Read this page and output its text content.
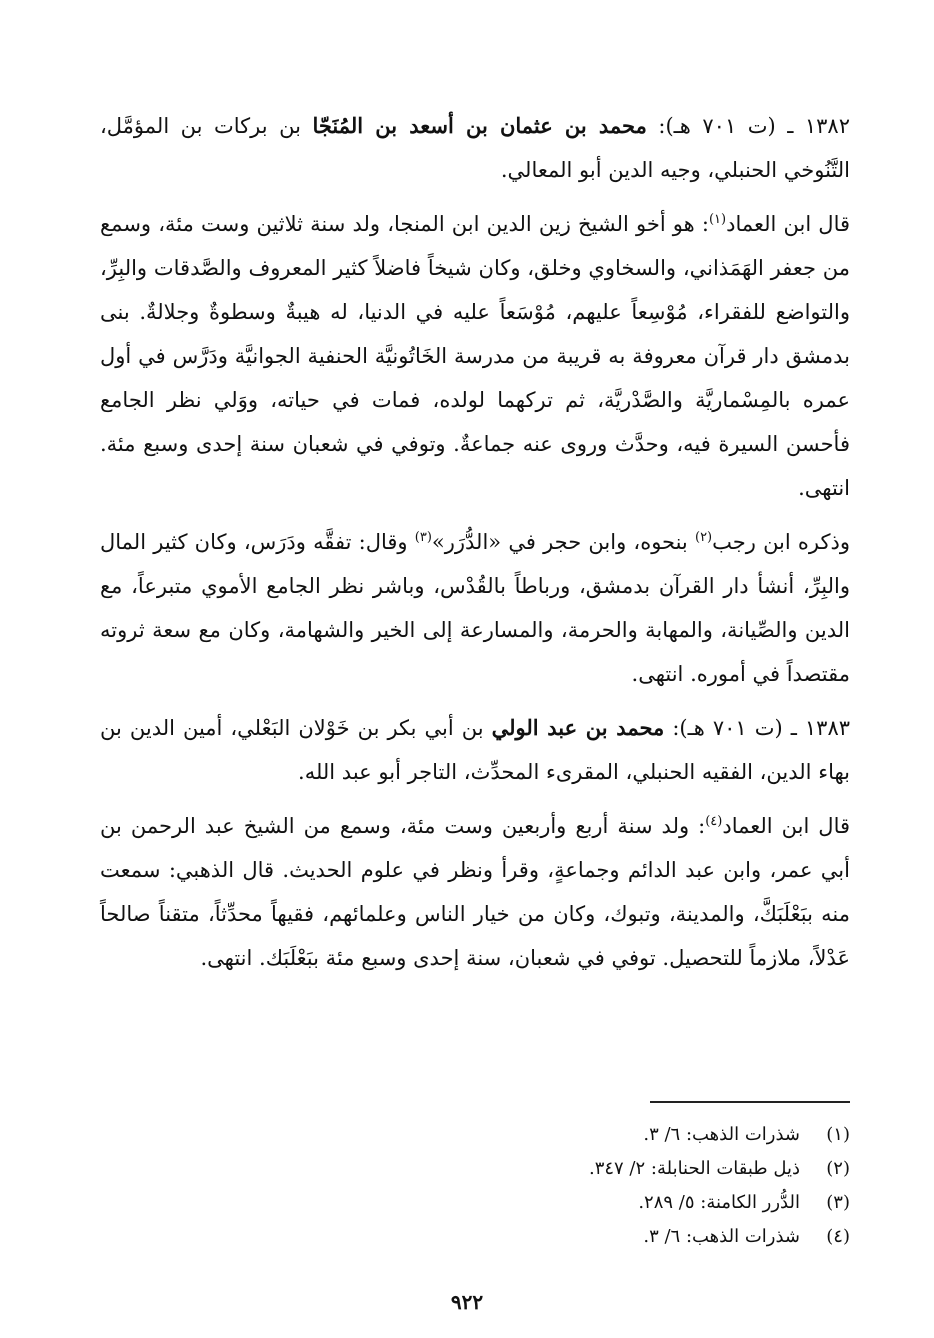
١٣٨٢ ـ (ت ٧٠١ هـ): محمد بن عثمان بن أسعد بن المُنَجّا بن بركات بن المؤمَّل، التَّنُوخي الحنبلي، وجيه الدين أبو المعالي.

قال ابن العماد$^{(١)}$: هو أخو الشيخ زين الدين ابن المنجا، ولد سنة ثلاثين وست مئة، وسمع من جعفر الهَمَذاني، والسخاوي وخلق، وكان شيخاً فاضلاً كثير المعروف والصَّدقات والبِرِّ، والتواضع للفقراء، مُوْسِعاً عليهم، مُوْسَعاً عليه في الدنيا، له هيبةٌ وسطوةٌ وجلالةٌ. بنى بدمشق دار قرآن معروفة به قريبة من مدرسة الخَاتُونيَّة الحنفية الجوانيَّة ودَرَّس في أول عمره بالمِسْماريَّة والصَّدْريَّة، ثم تركهما لولده، فمات في حياته، ووَلي نظر الجامع فأحسن السيرة فيه، وحدَّث وروى عنه جماعةٌ. وتوفي في شعبان سنة إحدى وسبع مئة. انتهى.

وذكره ابن رجب$^{(٢)}$ بنحوه، وابن حجر في «الدُّرَر»$^{(٣)}$ وقال: تفقَّه ودَرَس، وكان كثير المال والبِرِّ، أنشأ دار القرآن بدمشق، ورباطاً بالقُدْس، وباشر نظر الجامع الأموي متبرعاً، مع الدين والصِّيانة، والمهابة والحرمة، والمسارعة إلى الخير والشهامة، وكان مع سعة ثروته مقتصداً في أموره. انتهى.

١٣٨٣ ـ (ت ٧٠١ هـ): محمد بن عبد الولي بن أبي بكر بن خَوْلان البَعْلي، أمين الدين بن بهاء الدين، الفقيه الحنبلي، المقرىء المحدِّث، التاجر أبو عبد الله.

قال ابن العماد$^{(٤)}$: ولد سنة أربع وأربعين وست مئة، وسمع من الشيخ عبد الرحمن بن أبي عمر، وابن عبد الدائم وجماعةٍ، وقرأ ونظر في علوم الحديث. قال الذهبي: سمعت منه ببَعْلَبَكَّ، والمدينة، وتبوك، وكان من خيار الناس وعلمائهم، فقيهاً محدِّثاً، متقناً صالحاً عَدْلاً، ملازماً للتحصيل. توفي في شعبان، سنة إحدى وسبع مئة ببَعْلَبَك. انتهى.

(١)
شذرات الذهب: ٦/ ٣.
(٢)
ذيل طبقات الحنابلة: ٢/ ٣٤٧.
(٣)
الدُّرر الكامنة: ٥/ ٢٨٩.
(٤)
شذرات الذهب: ٦/ ٣.
٩٢٢
